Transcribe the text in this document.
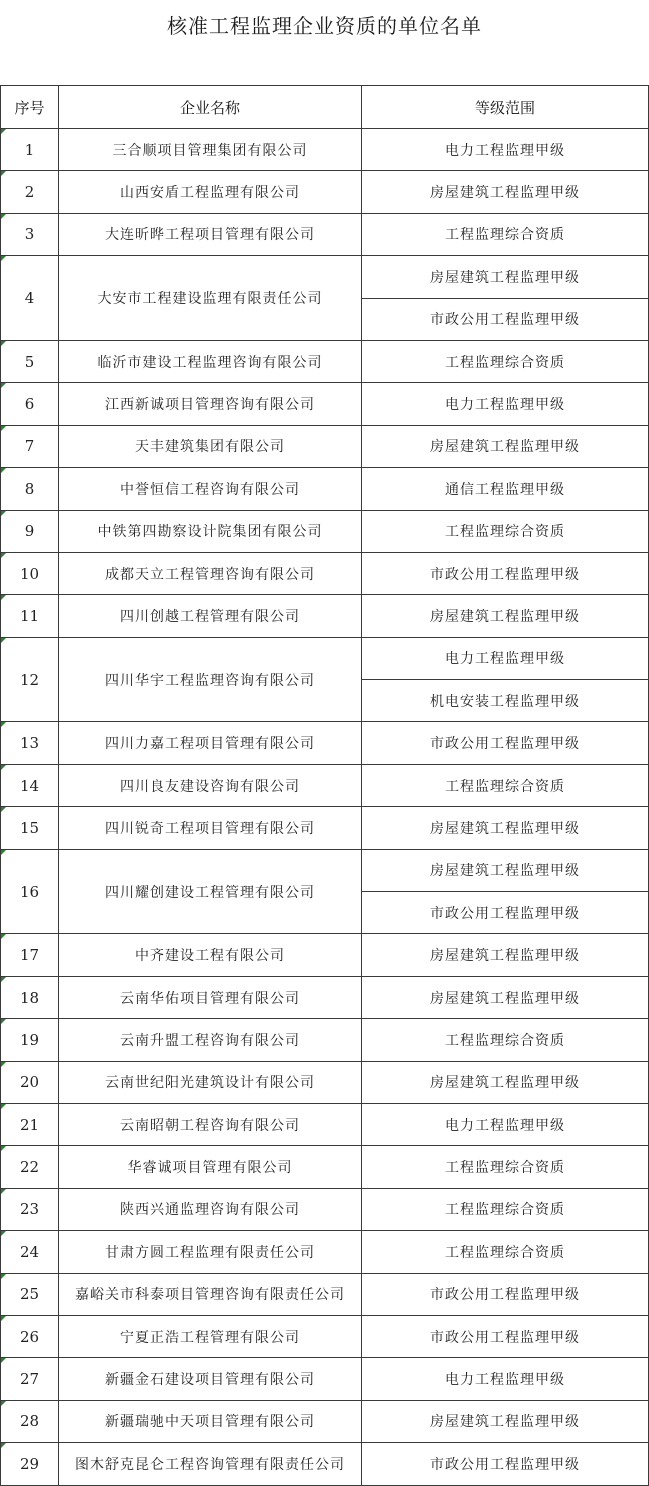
核准工程监理企业资质的单位名单
序号	企业名称	等级范围
1	三合顺项目管理集团有限公司	电力工程监理甲级
2	山西安盾工程监理有限公司	房屋建筑工程监理甲级
3	大连昕晔工程项目管理有限公司	工程监理综合资质
4	大安市工程建设监理有限责任公司	房屋建筑工程监理甲级
		市政公用工程监理甲级
5	临沂市建设工程监理咨询有限公司	工程监理综合资质
6	江西新诚项目管理咨询有限公司	电力工程监理甲级
7	天丰建筑集团有限公司	房屋建筑工程监理甲级
8	中誉恒信工程咨询有限公司	通信工程监理甲级
9	中铁第四勘察设计院集团有限公司	工程监理综合资质
10	成都天立工程管理咨询有限公司	市政公用工程监理甲级
11	四川创越工程管理有限公司	房屋建筑工程监理甲级
12	四川华宇工程监理咨询有限公司	电力工程监理甲级
		机电安装工程监理甲级
13	四川力嘉工程项目管理有限公司	市政公用工程监理甲级
14	四川良友建设咨询有限公司	工程监理综合资质
15	四川锐奇工程项目管理有限公司	房屋建筑工程监理甲级
16	四川耀创建设工程管理有限公司	房屋建筑工程监理甲级
		市政公用工程监理甲级
17	中齐建设工程有限公司	房屋建筑工程监理甲级
18	云南华佑项目管理有限公司	房屋建筑工程监理甲级
19	云南升盟工程咨询有限公司	工程监理综合资质
20	云南世纪阳光建筑设计有限公司	房屋建筑工程监理甲级
21	云南昭朝工程咨询有限公司	电力工程监理甲级
22	华睿诚项目管理有限公司	工程监理综合资质
23	陕西兴通监理咨询有限公司	工程监理综合资质
24	甘肃方圆工程监理有限责任公司	工程监理综合资质
25	嘉峪关市科泰项目管理咨询有限责任公司	市政公用工程监理甲级
26	宁夏正浩工程管理有限公司	市政公用工程监理甲级
27	新疆金石建设项目管理有限公司	电力工程监理甲级
28	新疆瑞驰中天项目管理有限公司	房屋建筑工程监理甲级
29	图木舒克昆仑工程咨询管理有限责任公司	市政公用工程监理甲级
